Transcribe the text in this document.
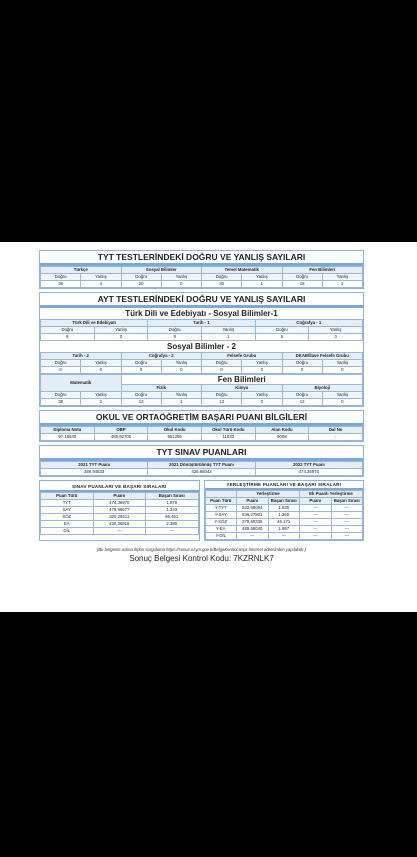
TYT TESTLERİNDEKİ DOĞRU VE YANLIŞ SAYILARI
Türkçe		Sosyal Bilimler		Temel Matematik		Fen Bilimleri	
Doğru	Yanlış	Doğru	Yanlış	Doğru	Yanlış	Doğru	Yanlış
36	4	20	0	30	1	18	2
AYT TESTLERİNDEKİ DOĞRU VE YANLIŞ SAYILARI
Türk Dili ve Edebiyatı - Sosyal Bilimler-1
Türk Dili ve Edebiyatı		Tarih - 1		Coğrafya - 1	
Doğru	Yanlış	Doğru	Yanlış	Doğru	Yanlış
8	0	8	1	5	0
Sosyal Bilimler - 2
Tarih - 2		Coğrafya - 2		Felsefe Grubu		DKAB/İlave Felsefe Grubu	
Doğru	Yanlış	Doğru	Yanlış	Doğru	Yanlış	Doğru	Yanlış
0	0	0	0	0	0	0	0
Matematik		Fen Bilimleri					
		Fizik		Kimya		Biyoloji	
Doğru	Yanlış	Doğru	Yanlış	Doğru	Yanlış	Doğru	Yanlış
38	2	13	1	13	0	13	0
OKUL VE ORTAÖĞRETİM BAŞARI PUANI BİLGİLERİ
Diploma Notu	OBP	Okul Kodu	Okul Türü Kodu	Alan Kodu	Dal No
97,18540	485,92700	551256	11033	9008	-
TYT SINAV PUANLARI
2021 TYT Puanı	2021 Dönüştürülmüş TYT Puanı	2022 TYT Puanı
389,94833	426,88042	474,36970
SINAV PUANLARI VE BAŞARI SIRALARI
Puan Türü	Puanı	Başarı Sırası
TYT	474,36970	1.878
SAY	479,96677	1.343
SÖZ	320,29211	66.461
EA	430,36916	2.389
DİL	---	---
YERLEŞTİRME PUANLARI VE BAŞARI SIRALARI
	Yerleştirme		Ek Puanlı Yerleştirme	
Puan Türü	Puanı	Başarı Sırası	Puanı	Başarı Sırası
Y-TYT	532,68094	1.630	---	---
Y-SAY	536,27801	1.350	---	---
Y-SÖZ	378,60335	46.171	---	---
Y-EA	488,68040	1.997	---	---
Y-DİL	---	---	---	---
(Bu belgenin aslına ilişkin sorgulama https://sonuc.osym.gov.tr/BelgeKontrol.aspx İnternet adresinden yapılabilir.)
Sonuç Belgesi Kontrol Kodu: 7KZRNLK7
